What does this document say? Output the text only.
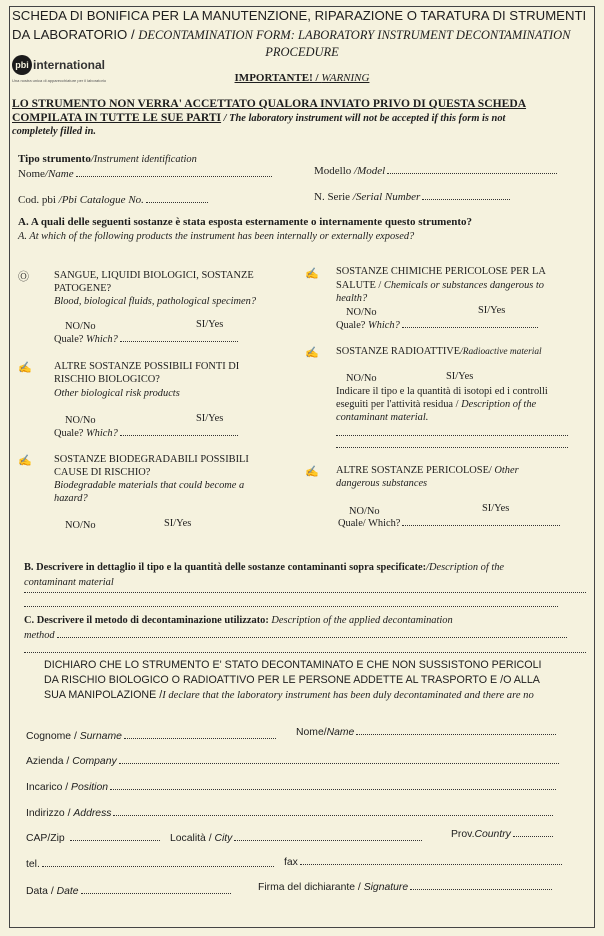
SCHEDA DI BONIFICA PER LA MANUTENZIONE, RIPARAZIONE O TARATURA DI STRUMENTI
DA LABORATORIO / DECONTAMINATION FORM: LABORATORY INSTRUMENT DECONTAMINATION
PROCEDURE
pbi international
Una nostra unica di apparecchiature per il laboratorio	IMPORTANTE! / WARNING
LO STRUMENTO NON VERRA' ACCETTATO QUALORA INVIATO PRIVO DI QUESTA SCHEDA
COMPILATA IN TUTTE LE SUE PARTI / The laboratory instrument will not be accepted if this form is not
completely filled in.
Tipo strumento/Instrument identification
Nome/Name	Modello /Model
Cod. pbi /Pbi Catalogue No.	N. Serie /Serial Number
A. A quali delle seguenti sostanze è stata esposta esternamente o internamente questo strumento?
A. At which of the following products the instrument has been internally or externally exposed?
Ⓞ SANGUE, LIQUIDI BIOLOGICI, SOSTANZE
PATOGENE?
Blood, biological fluids, pathological specimen?
NO/No	SI/Yes
Quale? Which?
✍ ALTRE SOSTANZE POSSIBILI FONTI DI
RISCHIO BIOLOGICO?
Other biological risk products
NO/No	SI/Yes
Quale? Which?
✍ SOSTANZE BIODEGRADABILI POSSIBILI
CAUSE DI RISCHIO?
Biodegradable materials that could become a
hazard?
NO/No	SI/Yes
✍ SOSTANZE CHIMICHE PERICOLOSE PER LA
SALUTE / Chemicals or substances dangerous to
health?
NO/No	SI/Yes
Quale? Which?
✍ SOSTANZE RADIOATTIVE/Radioactive material
NO/No	SI/Yes
Indicare il tipo e la quantità di isotopi ed i controlli
eseguiti per l'attività residua / Description of the
contaminant material.
✍ ALTRE SOSTANZE PERICOLOSE/ Other
dangerous substances
NO/No	SI/Yes
Quale/ Which?
B. Descrivere in dettaglio il tipo e la quantità delle sostanze contaminanti sopra specificate:/Description of the
contaminant material
C. Descrivere il metodo di decontaminazione utilizzato: Description of the applied decontamination
method
DICHIARO CHE LO STRUMENTO E' STATO DECONTAMINATO E CHE NON SUSSISTONO PERICOLI
DA RISCHIO BIOLOGICO O RADIOATTIVO PER LE PERSONE ADDETTE AL TRASPORTO E /O ALLA
SUA MANIPOLAZIONE /I declare that the laboratory instrument has been duly decontaminated and there are no
Cognome / Surname	Nome/Name
Azienda / Company
Incarico / Position
Indirizzo / Address
CAP/Zip	Località / City	Prov.Country
tel.	fax
Data / Date	Firma del dichiarante / Signature
